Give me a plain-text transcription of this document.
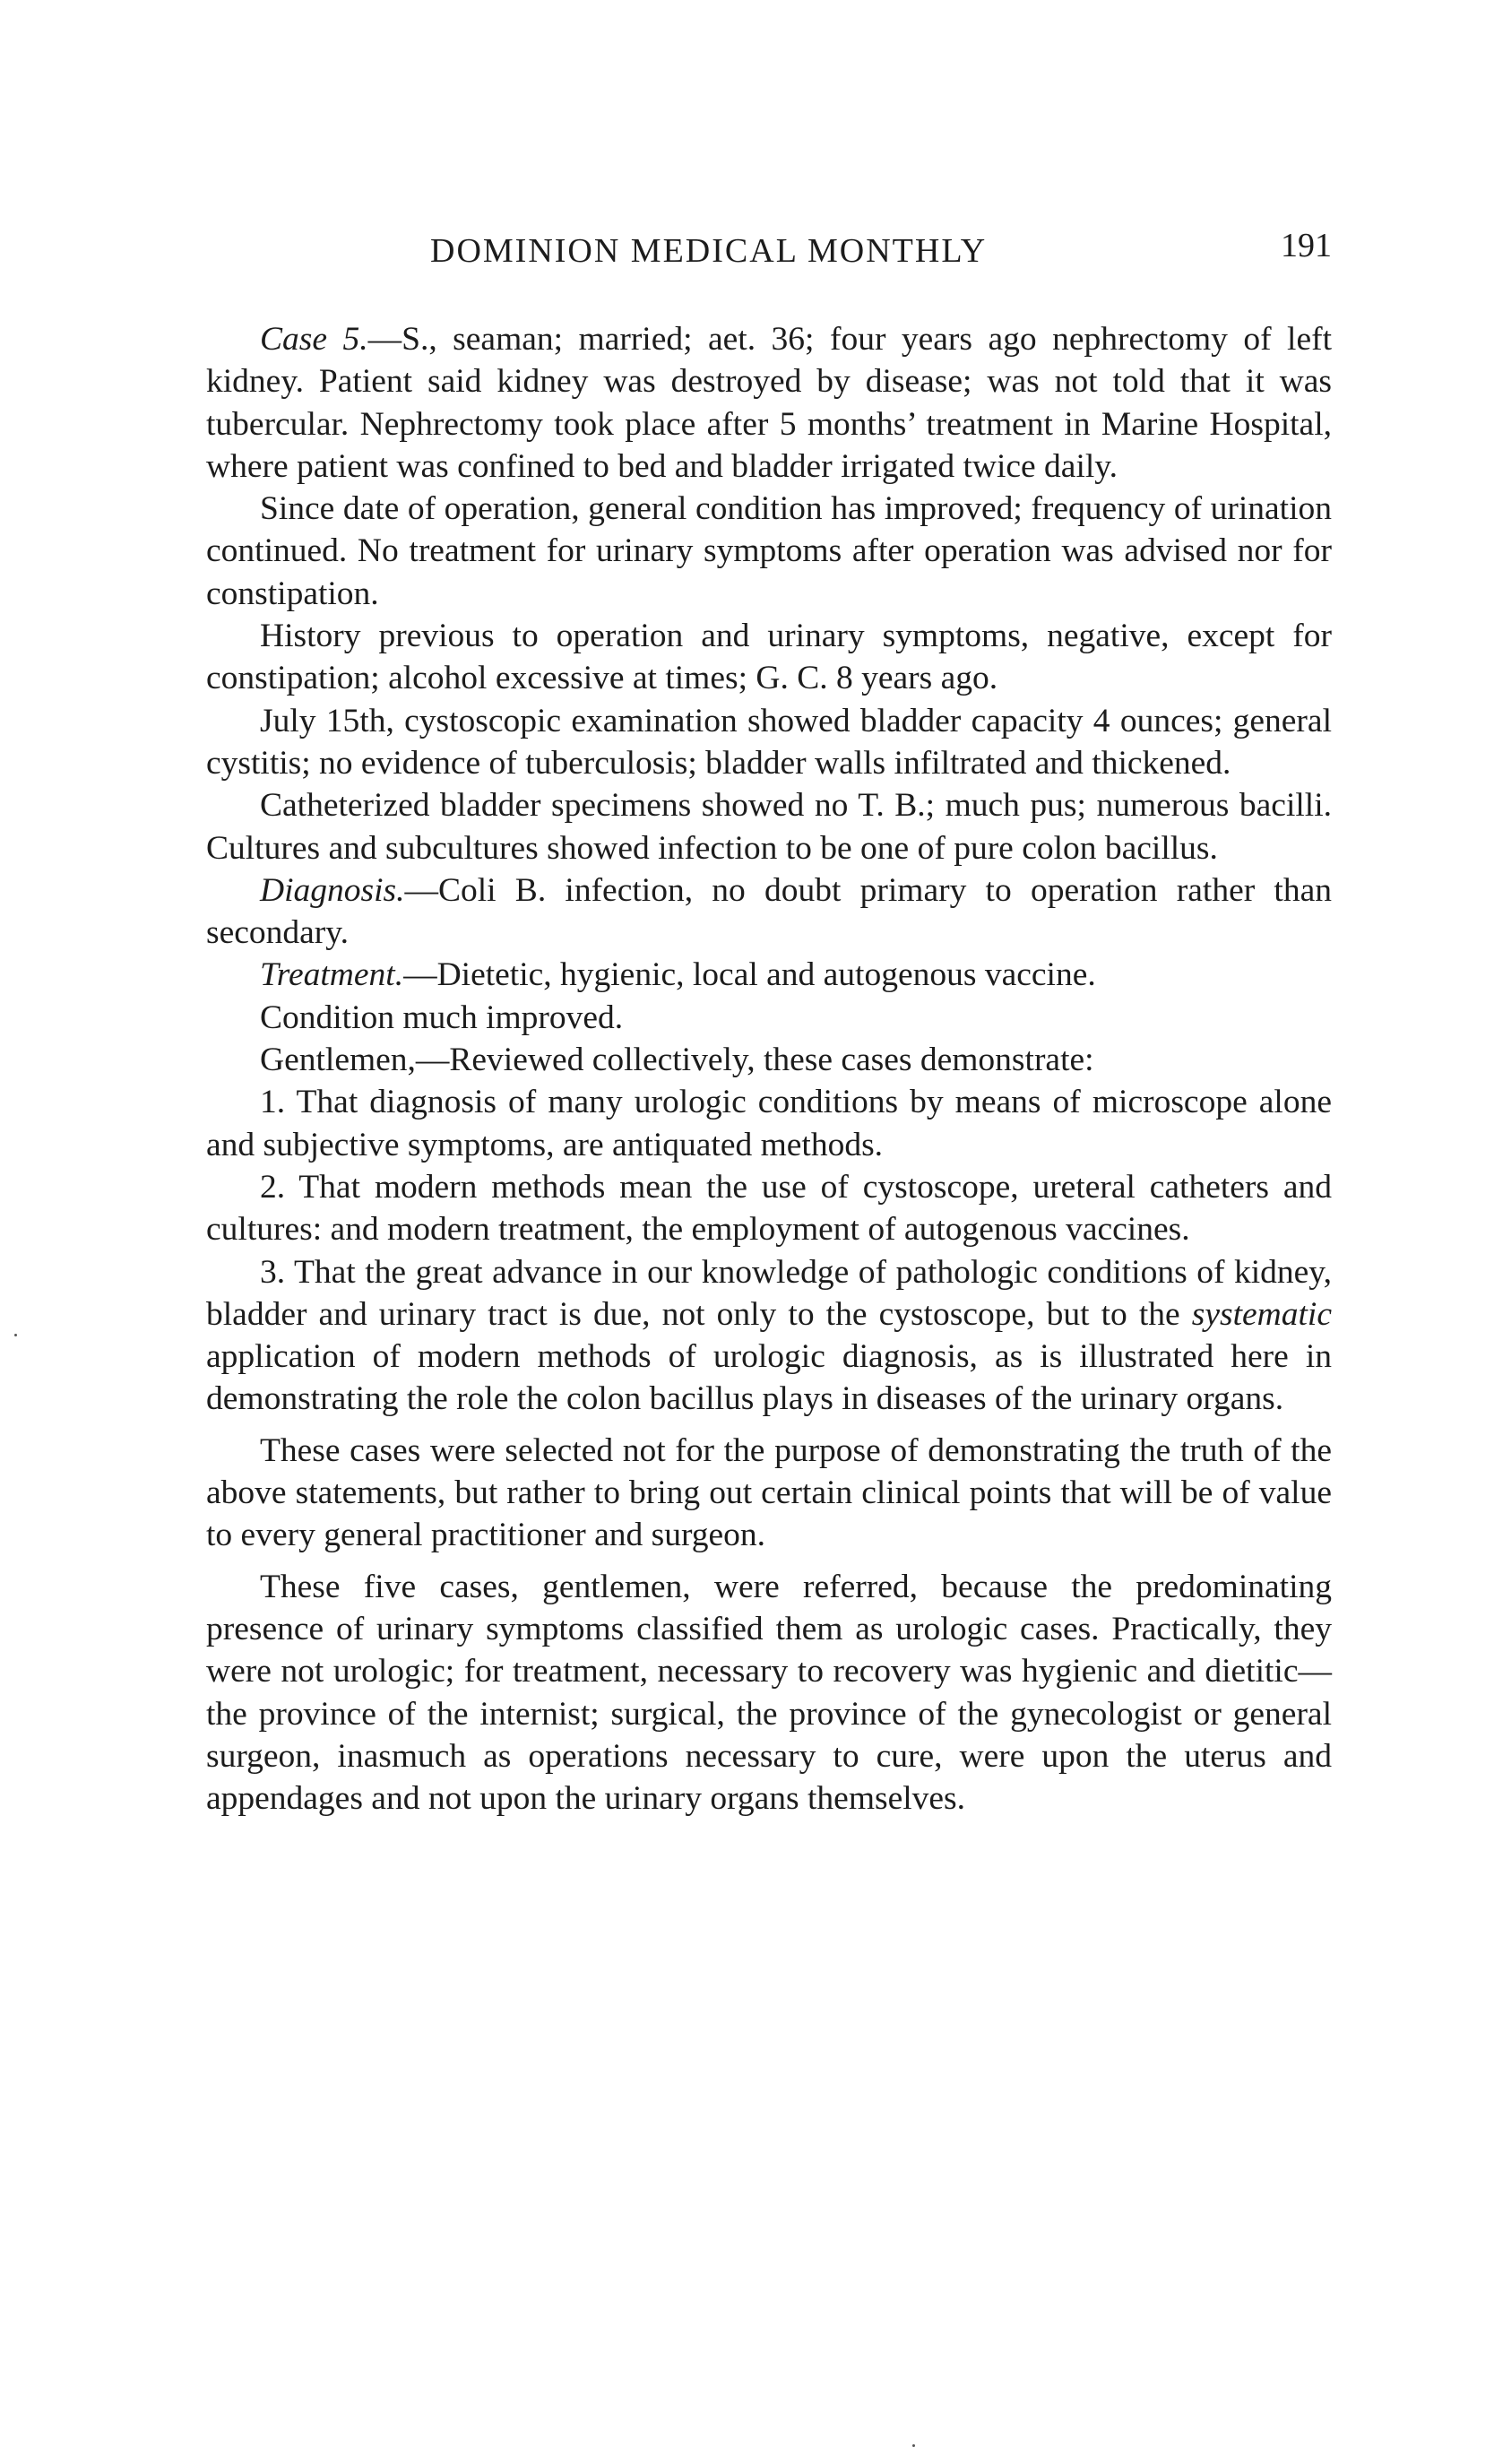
DOMINION MEDICAL MONTHLY	191

Case 5.—S., seaman; married; aet. 36; four years ago nephrectomy of left kidney. Patient said kidney was destroyed by disease; was not told that it was tubercular. Nephrectomy took place after 5 months’ treatment in Marine Hospital, where patient was confined to bed and bladder irrigated twice daily.

Since date of operation, general condition has improved; frequency of urination continued. No treatment for urinary symptoms after operation was advised nor for constipation.

History previous to operation and urinary symptoms, negative, except for constipation; alcohol excessive at times; G. C. 8 years ago.

July 15th, cystoscopic examination showed bladder capacity 4 ounces; general cystitis; no evidence of tuberculosis; bladder walls infiltrated and thickened.

Catheterized bladder specimens showed no T. B.; much pus; numerous bacilli. Cultures and subcultures showed infection to be one of pure colon bacillus.

Diagnosis.—Coli B. infection, no doubt primary to operation rather than secondary.

Treatment.—Dietetic, hygienic, local and autogenous vaccine.

Condition much improved.

Gentlemen,—Reviewed collectively, these cases demonstrate:

1. That diagnosis of many urologic conditions by means of microscope alone and subjective symptoms, are antiquated methods.

2. That modern methods mean the use of cystoscope, ureteral catheters and cultures: and modern treatment, the employment of autogenous vaccines.

3. That the great advance in our knowledge of pathologic conditions of kidney, bladder and urinary tract is due, not only to the cystoscope, but to the systematic application of modern methods of urologic diagnosis, as is illustrated here in demonstrating the role the colon bacillus plays in diseases of the urinary organs.

These cases were selected not for the purpose of demonstrating the truth of the above statements, but rather to bring out certain clinical points that will be of value to every general practitioner and surgeon.

These five cases, gentlemen, were referred, because the predominating presence of urinary symptoms classified them as urologic cases. Practically, they were not urologic; for treatment, necessary to recovery was hygienic and dietitic—the province of the internist; surgical, the province of the gynecologist or general surgeon, inasmuch as operations necessary to cure, were upon the uterus and appendages and not upon the urinary organs themselves.
